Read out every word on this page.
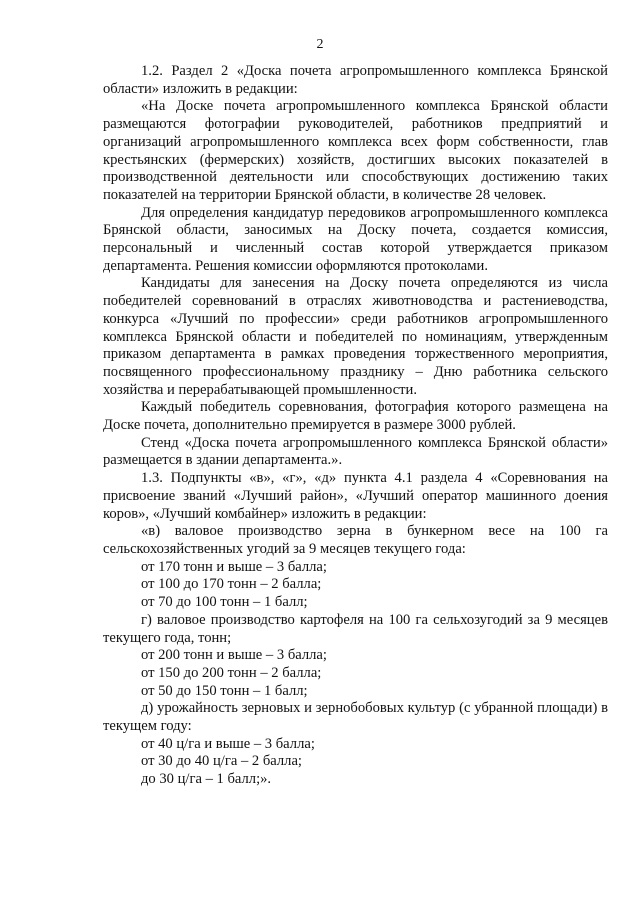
2

1.2. Раздел 2 «Доска почета агропромышленного комплекса Брянской области» изложить в редакции:

«На Доске почета агропромышленного комплекса Брянской области размещаются фотографии руководителей, работников предприятий и организаций агропромышленного комплекса всех форм собственности, глав крестьянских (фермерских) хозяйств, достигших высоких показателей в производственной деятельности или способствующих достижению таких показателей на территории Брянской области, в количестве 28 человек.

Для определения кандидатур передовиков агропромышленного комплекса Брянской области, заносимых на Доску почета, создается комиссия, персональный и численный состав которой утверждается приказом департамента. Решения комиссии оформляются протоколами.

Кандидаты для занесения на Доску почета определяются из числа победителей соревнований в отраслях животноводства и растениеводства, конкурса «Лучший по профессии» среди работников агропромышленного комплекса Брянской области и победителей по номинациям, утвержденным приказом департамента в рамках проведения торжественного мероприятия, посвященного профессиональному празднику – Дню работника сельского хозяйства и перерабатывающей промышленности.

Каждый победитель соревнования, фотография которого размещена на Доске почета, дополнительно премируется в размере 3000 рублей.

Стенд «Доска почета агропромышленного комплекса Брянской области» размещается в здании департамента.».

1.3. Подпункты «в», «г», «д» пункта 4.1 раздела 4 «Соревнования на присвоение званий «Лучший район», «Лучший оператор машинного доения коров», «Лучший комбайнер» изложить в редакции:

«в) валовое производство зерна в бункерном весе на 100 га сельскохозяйственных угодий за 9 месяцев текущего года:

от 170 тонн и выше – 3 балла;

от 100 до 170 тонн – 2 балла;

от 70 до 100 тонн – 1 балл;

г) валовое производство картофеля на 100 га сельхозугодий за 9 месяцев текущего года, тонн;

от 200 тонн и выше – 3 балла;

от 150 до 200 тонн – 2 балла;

от 50 до 150 тонн – 1 балл;

д) урожайность зерновых и зернобобовых культур (с убранной площади) в текущем году:

от 40 ц/га и выше – 3 балла;

от 30 до 40 ц/га – 2 балла;

до 30 ц/га – 1 балл;».
